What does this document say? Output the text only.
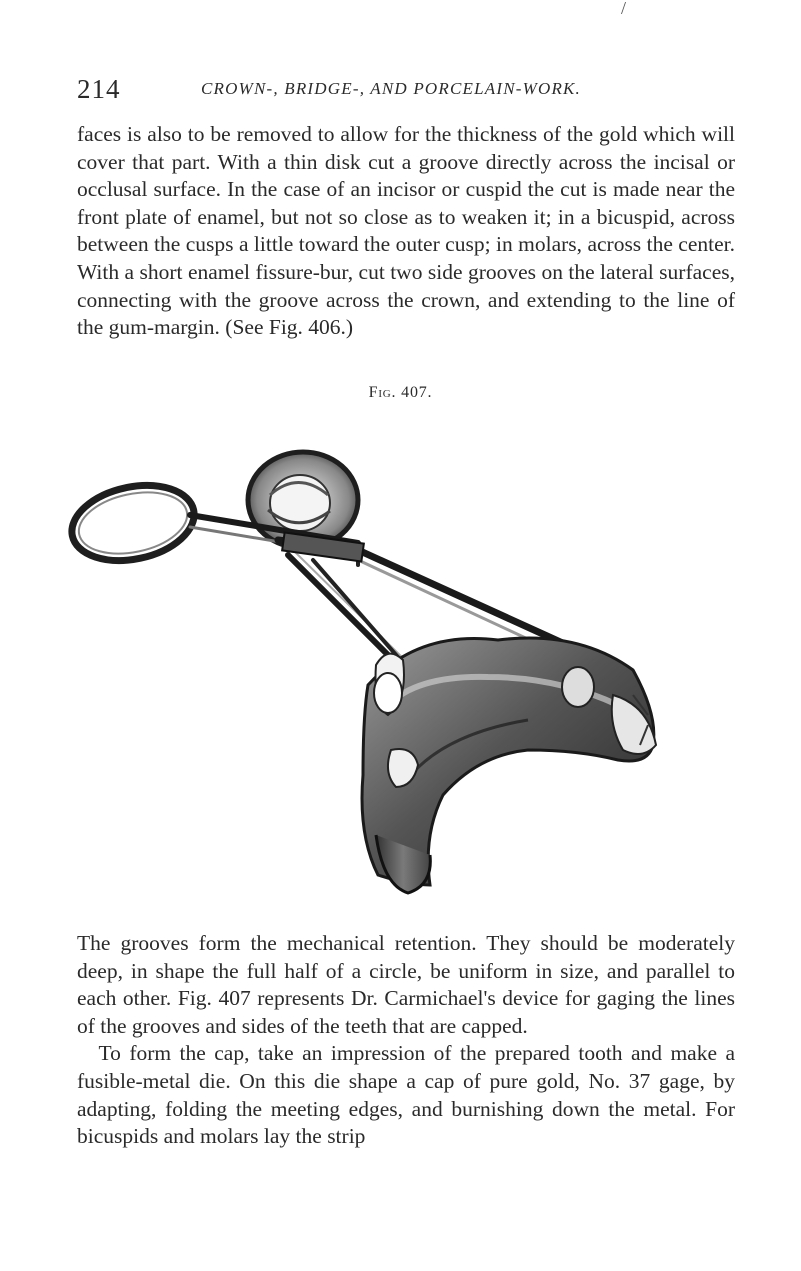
/
214	CROWN-, BRIDGE-, AND PORCELAIN-WORK.

faces is also to be removed to allow for the thickness of the gold which will cover that part. With a thin disk cut a groove directly across the incisal or occlusal surface. In the case of an incisor or cuspid the cut is made near the front plate of enamel, but not so close as to weaken it; in a bicuspid, across between the cusps a little toward the outer cusp; in molars, across the center. With a short enamel fissure-bur, cut two side grooves on the lateral surfaces, connecting with the groove across the crown, and extending to the line of the gum-margin. (See Fig. 406.)

Fig. 407.

The grooves form the mechanical retention. They should be moderately deep, in shape the full half of a circle, be uniform in size, and parallel to each other. Fig. 407 represents Dr. Carmichael's device for gaging the lines of the grooves and sides of the teeth that are capped.

 To form the cap, take an impression of the prepared tooth and make a fusible-metal die. On this die shape a cap of pure gold, No. 37 gage, by adapting, folding the meeting edges, and burnishing down the metal. For bicuspids and molars lay the strip
